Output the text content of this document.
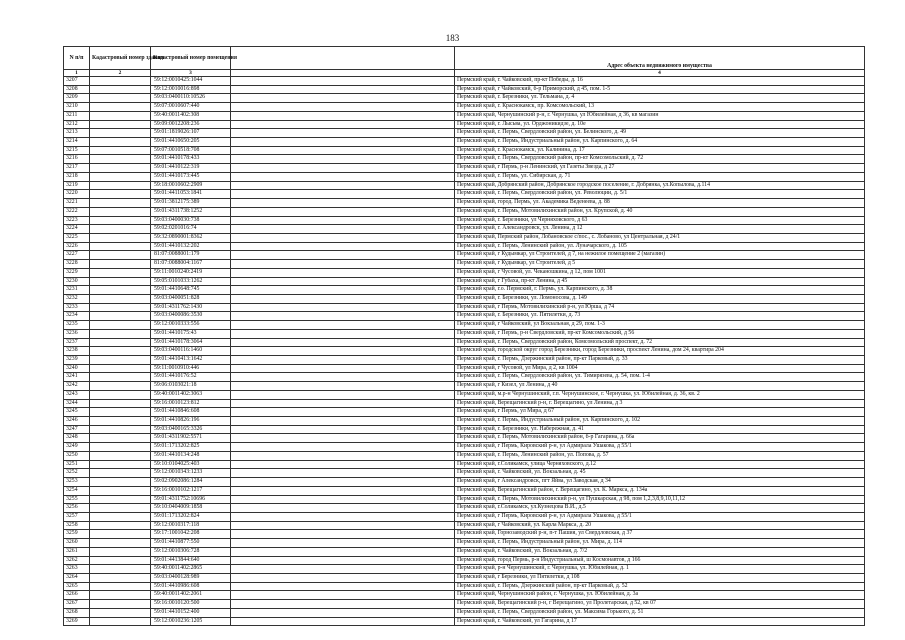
183
N п/п	Кадастровый номер здания	Кадастровый номер помещения		Адрес объекта недвижимого имущества
1	2	3		4
3207		59:12:0010425:1044		Пермский край, г. Чайковский, пр-кт Победы, д. 16
3208		59:12:0010016:898		Пермский край, г Чайковский, б-р Приморский, д 45, пом. 1-5
3209		59:03:0400110:10526		Пермский край, г. Березники, ул. Тельмана, д. 4
3210		59:07:0010607:440		Пермский край, г. Краснокамск, пр. Комсомольский, 13
3211		59:40:0011402:308		Пермский край, Чернушинский р-н, г. Чернушка, ул Юбилейная, д 36, кв магазин
3212		59:09:0012208:236		Пермский край, г. Лысьва, ул. Орджоникидзе, д. 10е
3213		59:01:1819026:107		Пермский край, г. Пермь, Свердловский район, ул. Белинского, д. 49
3214		59:01:4410650:205		Пермский край, г. Пермь, Индустриальный район, ул. Карпинского, д. 64
3215		59:07:0010518:708		Пермский край, г. Краснокамск, ул. Калинина, д. 17
3216		59:01:4410178:433		Пермский край, г. Пермь, Свердловский район, пр-кт Комсомольский, д. 72
3217		59:01:4410122:319		Пермский край, г Пермь, р-н Ленинский, ул Газеты Звезда, д 27
3218		59:01:4410173:445		Пермский край, г. Пермь, ул. Сибирская, д. 71
3219		59:18:0010602:2909		Пермский край, Добрянский район, Добрянское городское поселение, г. Добрянка, ул.Копылова, д.114
3220		59:01:4411053:1841		Пермский край, г. Пермь, Свердловский район, ул. Революции, д. 5/1
3221		59:01:3812175:389		Пермский край, город. Пермь, ул. Академика Веденеева, д. 88
3222		59:01:4311738:1252		Пермский край, г. Пермь, Мотовилихинский район, ул. Крупской, д. 40
3223		59:03:0400030:738		Пермский край, г. Березники, ул Черняховского, д 63
3224		59:02:0201016:74		Пермский край, г. Александровск, ул. Ленина, д 12
3225		59:32:0890001:8362		Пермский край, Пермский район, Лобановское с/пос., с. Лобаново, ул Центральная, д 24/1
3226		59:01:4410132:202		Пермский край, г. Пермь, Ленинский район, ул. Луначарского, д. 105
3227		81:07:0088001:179		Пермский край, г Кудымкар, ул Строителей, д 7, на нежилое помещение 2 (магазин)
3228		81:07:0088004:1167		Пермский край, г Кудымкар, ул Строителей, д 5
3229		59:11:0010240:2419		Пермский край, г Чусовой, ул. Чеканошкина, д 12, пом 1001
3230		59:05:0101033:1262		Пермский край, г Губаха, пр-кт Ленина, д 45
3231		59:01:4410648:745		Пермский край, г.о. Пермский, г. Пермь, ул. Карпинского, д. 38
3232		59:03:0400051:828		Пермский край, г. Березники, ул. Ломоносова, д. 149
3233		59:01:4311762:1430		Пермский край, г Пермь, Мотовилихинский р-н, ул Юрша, д 74
3234		59:03:0400086:3530		Пермский край, г. Березники, ул. Пятилетки, д. 73
3235		59:12:0010333:556		Пермский край, г Чайковский, ул Вокзальная, д 29, пом. 1-3
3236		59:01:4410175:43		Пермский край, г Пермь, р-н Свердловский, пр-кт Комсомольский, д 56
3237		59:01:4410178:3064		Пермский край, г. Пермь, Свердловский район, Комсомольский проспект, д. 72
3238		59:03:0400116:1460		Пермский край, городской округ город Березники, город Березники, проспект Ленина, дом 24, квартира 204
3239		59:01:4410413:1642		Пермский край, г. Пермь, Дзержинский район, пр-кт Парковый, д. 33
3240		59:11:0010910:446		Пермский край, г Чусовой, ул Мира, д 2, кв 1004
3241		59:01:4410176:52		Пермский край, г. Пермь, Свердловский район, ул. Тимирязева, д. 54, пом. 1-4
3242		59:06:0103021:18		Пермский край, г Кизел, ул Ленина, д 40
3243		59:40:0011402:3063		Пермский край, м.р-н Чернушинский, г.п. Чернушинское, г. Чернушка, ул. Юбилейная, д. 36, кв. 2
3244		59:16:0010123:812		Пермский край, Верещагинский р-н, г. Верещагино, ул Ленина, д 3
3245		59:01:4410846:608		Пермский край, г Пермь, ул Мира, д 67
3246		59:01:4410826:196		Пермский край, г. Пермь, Индустриальный район, ул. Карпинского, д. 102
3247		59:03:0400165:3326		Пермский край, г. Березники, ул. Набережная, д. 41
3248		59:01:4311902:5571		Пермский край, г. Пермь, Мотовилихинский район, б-р Гагарина, д. 66а
3249		59:01:1713202:825		Пермский край, г Пермь, Кировский р-н, ул Адмирала Ушакова, д 55/1
3250		59:01:4410134:248		Пермский край, г. Пермь, Ленинский район, ул. Попова, д. 57
3251		59:10:0104025:403		Пермский край, г.Соликамск, улица Черняховского, д.12
3252		59:12:0010343:1233		Пермский край, г. Чайковский, ул. Вокзальная, д. 45
3253		59:02:0902086:1284		Пермский край, г Александровск, пгт Яйва, ул Заводская, д 34
3254		59:16:0010102:1217		Пермский край, Верещагинский район, г. Верещагино, ул. К. Маркса, д. 134а
3255		59:01:4311752:10696		Пермский край, г. Пермь, Мотовилихинский р-н, ул Пушкарская, д 98, пом 1,2,3,8,9,10,11,12
3256		59:10:0404009:1858		Пермский край, г.Соликамск, ул.Кузнецова В.И., д.5
3257		59:01:1713202:824		Пермский край, г Пермь, Кировский р-н, ул Адмирала Ушакова, д 55/1
3258		59:12:0010317:118		Пермский край, г Чайковский, ул. Карла Маркса, д. 20
3259		59:17:1001042:208		Пермский край, Горнозаводский р-н, п-т Пашия, ул Свердловская, д 37
3260		59:01:4410877:550		Пермский край, г. Пермь, Индустриальный район, ул. Мира, д. 114
3261		59:12:0010306:728		Пермский край, г. Чайковский, ул. Вокзальная, д. 7/2
3262		59:01:4413844:640		Пермский край, город Пермь, р-н Индустриальный, ш Космонавтов, д 166
3263		59:40:0011402:2865		Пермский край, р-н Чернушинский, г. Чернушка, ул. Юбилейная, д. 1
3264		59:03:0400128:989		Пермский край, г Березники, ул Пятилетки, д 108
3265		59:01:4410986:608		Пермский край, г. Пермь, Дзержинский район, пр-кт Парковый, д. 52
3266		59:40:0011402:2061		Пермский край, Чернушинский район, г. Чернушка, ул. Юбилейная, д. 3а
3267		59:16:0010120:500		Пермский край, Верещагинский р-н, г Верещагино, ул Пролетарская, д 52, кв 07
3268		59:01:4410152:400		Пермский край, г. Пермь, Свердловский район, ул. Максима Горького, д. 51
3269		59:12:0010236:1205		Пермский край, г. Чайковский, ул Гагарина, д 17
